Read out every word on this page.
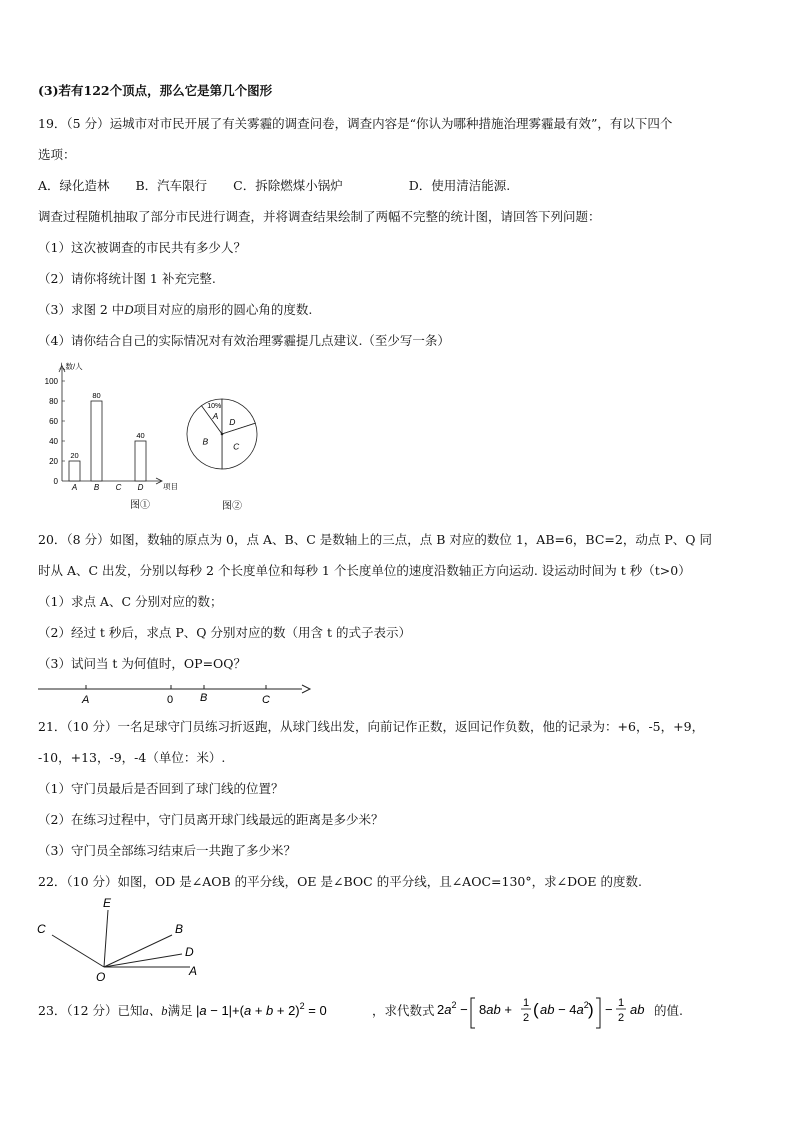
(3)若有122个顶点，那么它是第几个图形
19．（5 分）运城市对市民开展了有关雾霾的调查问卷，调查内容是“你认为哪种措施治理雾霾最有效”，有以下四个
选项：
A．绿化造林 B．汽车限行 C．拆除燃煤小锅炉	D．使用清洁能源.
调查过程随机抽取了部分市民进行调查，并将调查结果绘制了两幅不完整的统计图，请回答下列问题：
（1）这次被调查的市民共有多少人？
（2）请你将统计图 1 补充完整.
（3）求图 2 中D项目对应的扇形的圆心角的度数.
（4）请你结合自己的实际情况对有效治理雾霾提几点建议.（至少写一条）
人数/人
项目
0
20
40
60
80
100
A
20
B
80
C D
40
图①
A
10%
D
C
B
图②
20．（8 分）如图，数轴的原点为 0，点 A、B、C 是数轴上的三点，点 B 对应的数位 1，AB=6，BC=2，动点 P、Q 同
时从 A、C 出发，分别以每秒 2 个长度单位和每秒 1 个长度单位的速度沿数轴正方向运动. 设运动时间为 t 秒（t>0）
（1）求点 A、C 分别对应的数；
（2）经过 t 秒后，求点 P、Q 分别对应的数（用含 t 的式子表示）
（3）试问当 t 为何值时，OP=OQ？
A	0 B	C
21．（10 分）一名足球守门员练习折返跑，从球门线出发，向前记作正数，返回记作负数，他的记录为：+6，-5，+9，
-10，+13，-9，-4（单位：米）.
（1）守门员最后是否回到了球门线的位置？
（2）在练习过程中，守门员离开球门线最远的距离是多少米？
（3）守门员全部练习结束后一共跑了多少米？
22．（10 分）如图，OD 是∠AOB 的平分线，OE 是∠BOC 的平分线，且∠AOC=130°，求∠DOE 的度数.
C
E
B
D
A
O
23．（12 分）已知a、b满足 $|a - 1|+(a + b + 2)^2 = 0$	，求代数式 $2a^2 - 8ab + 1$
2 ( ab − $4a^2$ ) − 1
2
ab 的值.
